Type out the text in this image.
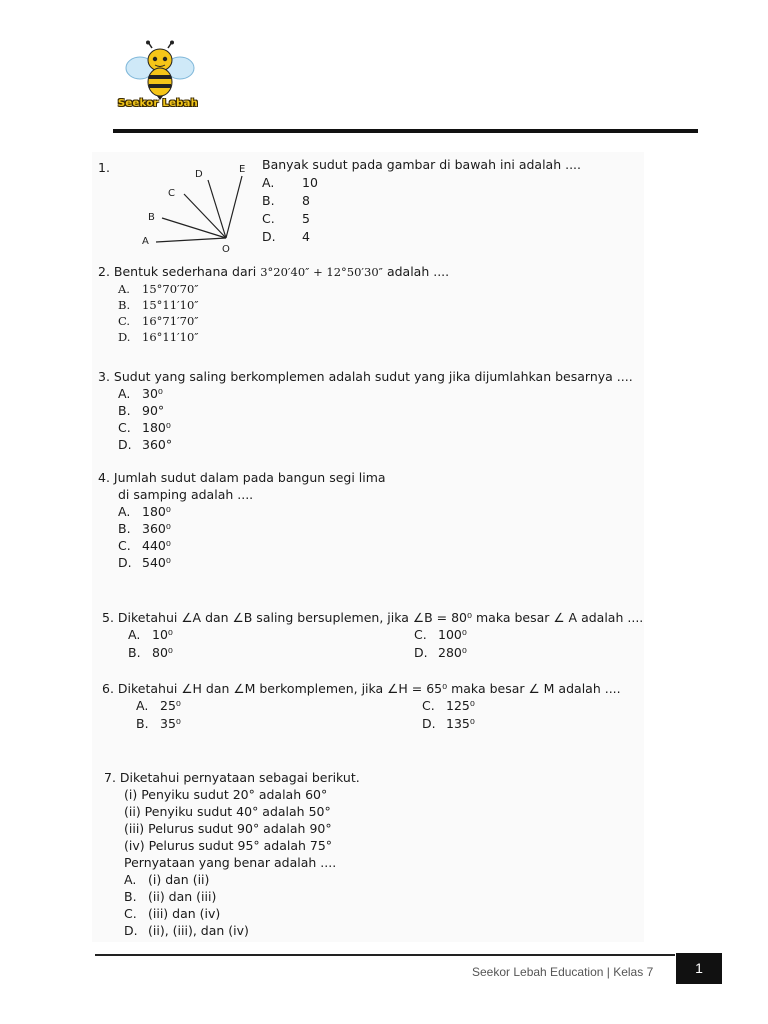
Seekor Lebah
1.
A
B
C
D	E
O
Banyak sudut pada gambar di bawah ini adalah ....
A. 10
B. 8
C. 5
D. 4
2. Bentuk sederhana dari 3°20′40″ + 12°50′30″ adalah ....
A. 15°70′70″
B. 15°11′10″
C. 16°71′70″
D. 16°11′10″
3. Sudut yang saling berkomplemen adalah sudut yang jika dijumlahkan besarnya ....
A. 30⁰
B. 90°
C. 180⁰
D. 360°
4. Jumlah sudut dalam pada bangun segi lima
di samping adalah ....
A. 180⁰
B. 360⁰
C. 440⁰
D. 540⁰
5. Diketahui ∠A dan ∠B saling bersuplemen, jika ∠B = 80⁰ maka besar ∠ A adalah ....
A. 10⁰
B. 80⁰
C. 100⁰
D. 280⁰
6. Diketahui ∠H dan ∠M berkomplemen, jika ∠H = 65⁰ maka besar ∠ M adalah ....
A. 25⁰
B. 35⁰
C. 125⁰
D. 135⁰
7. Diketahui pernyataan sebagai berikut.
(i) Penyiku sudut 20° adalah 60°
(ii) Penyiku sudut 40° adalah 50°
(iii) Pelurus sudut 90° adalah 90°
(iv) Pelurus sudut 95° adalah 75°
Pernyataan yang benar adalah ....
A. (i) dan (ii)
B. (ii) dan (iii)
C. (iii) dan (iv)
D. (ii), (iii), dan (iv)
Seekor Lebah Education | Kelas 7	1
